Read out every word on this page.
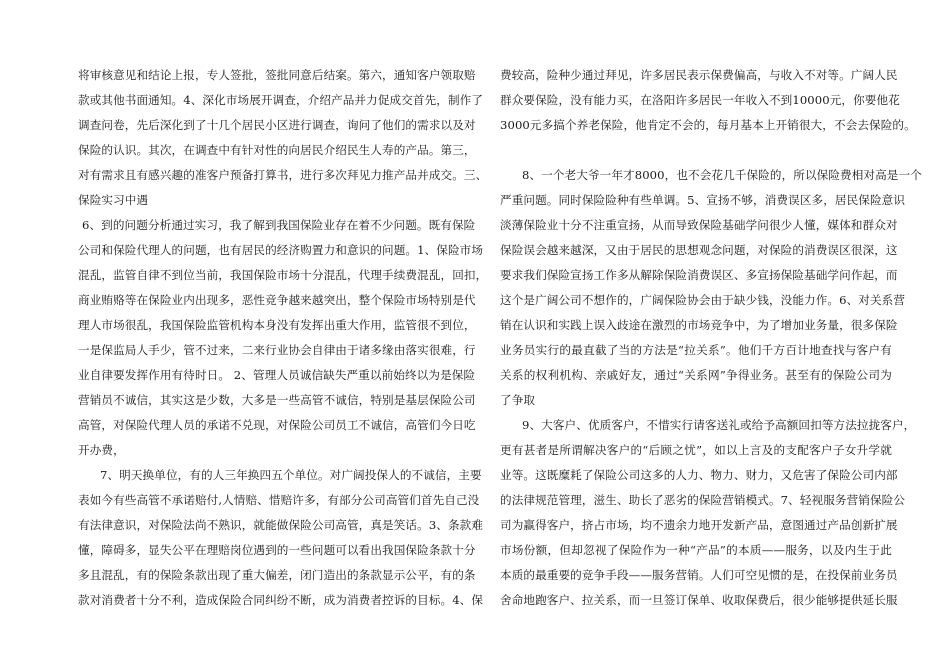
将审核意见和结论上报，专人签批，签批同意后结案。第六，通知客户领取赔
款或其他书面通知。4、深化市场展开调查，介绍产品并力促成交首先，制作了
调查问卷，先后深化到了十几个居民小区进行调查，询问了他们的需求以及对
保险的认识。其次，在调查中有针对性的向居民介绍民生人寿的产品。第三，
对有需求且有感兴趣的准客户预备打算书，进行多次拜见力推产品并成交。三、
保险实习中遇
6、到的问题分析通过实习，我了解到我国保险业存在着不少问题。既有保险
公司和保险代理人的问题，也有居民的经济购置力和意识的问题。1、保险市场
混乱，监管自律不到位当前，我国保险市场十分混乱，代理手续费混乱，回扣，
商业贿赂等在保险业内出现多，恶性竞争越来越突出，整个保险市场特别是代
理人市场很乱，我国保险监管机构本身没有发挥出重大作用，监管很不到位，
一是保监局人手少，管不过来，二来行业协会自律由于诸多缘由落实很难，行
业自律要发挥作用有待时日。 2、管理人员诚信缺失严重以前始终以为是保险
营销员不诚信，其实这是少数，大多是一些高管不诚信，特别是基层保险公司
高管，对保险代理人员的承诺不兑现，对保险公司员工不诚信，高管们今日吃
开办费，
7、明天换单位，有的人三年换四五个单位。对广阔投保人的不诚信，主要
表如今有些高管不承诺赔付,人情赔、惜赔许多，有部分公司高管们首先自己没
有法律意识，对保险法尚不熟识，就能做保险公司高管，真是笑话。3、条款难
懂，障碍多，显失公平在理赔岗位遇到的一些问题可以看出我国保险条款十分
多且混乱，有的保险条款出现了重大偏差，闭门造出的条款显示公平，有的条
款对消费者十分不利，造成保险合同纠纷不断，成为消费者控诉的目标。4、保
费较高，险种少通过拜见，许多居民表示保费偏高，与收入不对等。广阔人民
群众要保险，没有能力买，在洛阳许多居民一年收入不到10000元，你要他花
3000元多搞个养老保险，他肯定不会的，每月基本上开销很大，不会去保险的。
8、一个老大爷一年才8000，也不会花几千保险的，所以保险费相对高是一个
严重问题。同时保险险种有些单调。5、宣扬不够，消费误区多，居民保险意识
淡薄保险业十分不注重宣扬，从而导致保险基础学问很少人懂，媒体和群众对
保险误会越来越深，又由于居民的思想观念问题，对保险的消费误区很深，这
要求我们保险宣扬工作多从解除保险消费误区、多宣扬保险基础学问作起，而
这个是广阔公司不想作的，广阔保险协会由于缺少钱，没能力作。6、对关系营
销在认识和实践上误入歧途在激烈的市场竞争中，为了增加业务量，很多保险
业务员实行的最直截了当的方法是“拉关系”。他们千方百计地查找与客户有
关系的权利机构、亲戚好友，通过“关系网”争得业务。甚至有的保险公司为
了争取
9、大客户、优质客户，不惜实行请客送礼或给予高额回扣等方法拉拢客户，
更有甚者是所谓解决客户的“后顾之忧”，如以上言及的支配客户子女升学就
业等。这既糜耗了保险公司这多的人力、物力、财力，又危害了保险公司内部
的法律规范管理，滋生、助长了恶劣的保险营销模式。7、轻视服务营销保险公
司为赢得客户，挤占市场，均不遗余力地开发新产品，意图通过产品创新扩展
市场份额，但却忽视了保险作为一种“产品”的本质——服务，以及内生于此
本质的最重要的竞争手段——服务营销。人们可空见惯的是，在投保前业务员
舍命地跑客户、拉关系，而一旦签订保单、收取保费后，很少能够提供延长服
